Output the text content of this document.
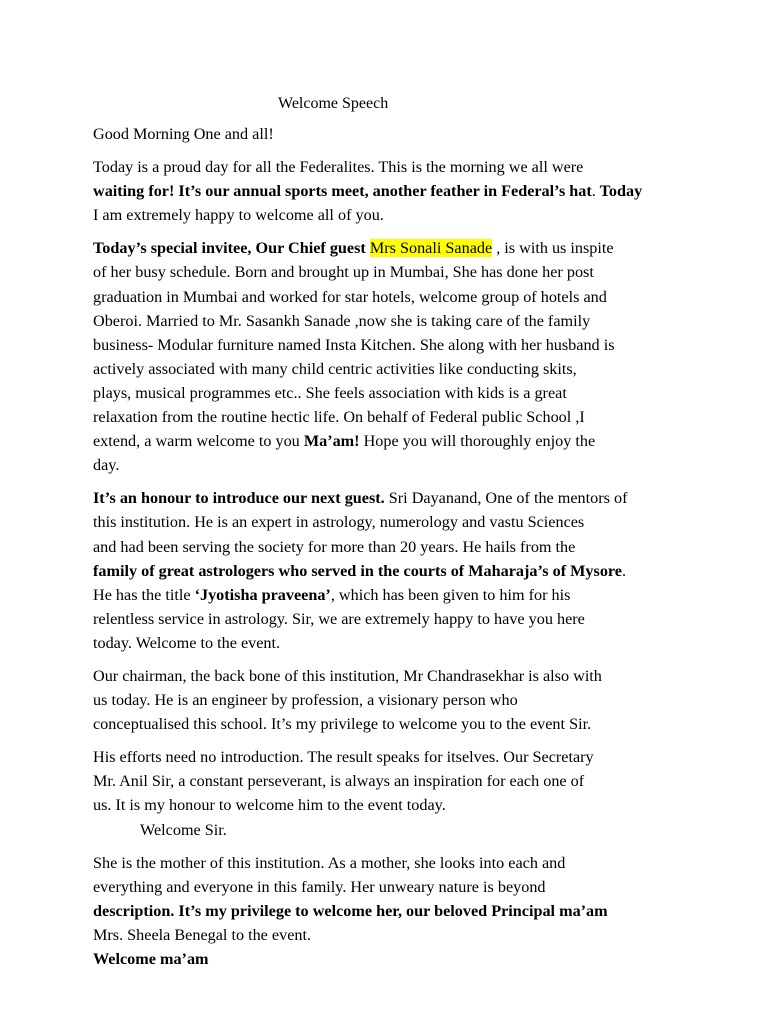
Welcome Speech
Good Morning One and all!
Today is a proud day for all the Federalites. This is the morning we all were
waiting for! It’s our annual sports meet, another feather in Federal’s hat. Today
I am extremely happy to welcome all of you.
Today’s special invitee, Our Chief guest Mrs Sonali Sanade , is with us inspite
of her busy schedule. Born and brought up in Mumbai, She has done her post
graduation in Mumbai and worked for star hotels, welcome group of hotels and
Oberoi. Married to Mr. Sasankh Sanade ,now she is taking care of the family
business- Modular furniture named Insta Kitchen. She along with her husband is
actively associated with many child centric activities like conducting skits,
plays, musical programmes etc.. She feels association with kids is a great
relaxation from the routine hectic life. On behalf of Federal public School ,I
extend, a warm welcome to you Ma’am! Hope you will thoroughly enjoy the
day.
It’s an honour to introduce our next guest. Sri Dayanand, One of the mentors of
this institution. He is an expert in astrology, numerology and vastu Sciences
and had been serving the society for more than 20 years. He hails from the
family of great astrologers who served in the courts of Maharaja’s of Mysore.
He has the title ‘Jyotisha praveena’, which has been given to him for his
relentless service in astrology. Sir, we are extremely happy to have you here
today. Welcome to the event.
Our chairman, the back bone of this institution, Mr Chandrasekhar is also with
us today. He is an engineer by profession, a visionary person who
conceptualised this school. It’s my privilege to welcome you to the event Sir.
His efforts need no introduction. The result speaks for itselves. Our Secretary
Mr. Anil Sir, a constant perseverant, is always an inspiration for each one of
us. It is my honour to welcome him to the event today.
Welcome Sir.
She is the mother of this institution. As a mother, she looks into each and
everything and everyone in this family. Her unweary nature is beyond
description. It’s my privilege to welcome her, our beloved Principal ma’am
Mrs. Sheela Benegal to the event.
Welcome ma’am
